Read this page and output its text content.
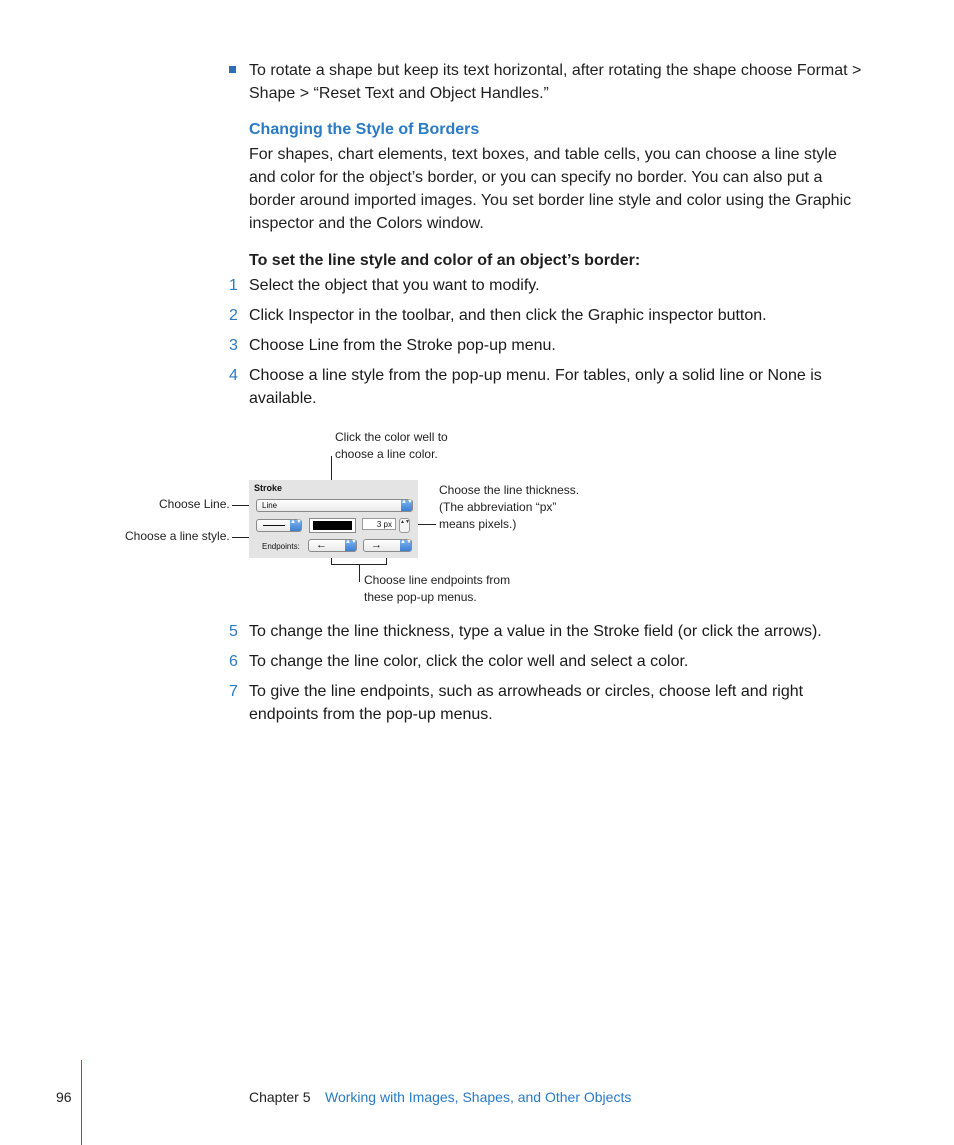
To rotate a shape but keep its text horizontal, after rotating the shape choose Format > Shape > “Reset Text and Object Handles.”
Changing the Style of Borders
For shapes, chart elements, text boxes, and table cells, you can choose a line style and color for the object’s border, or you can specify no border. You can also put a border around imported images. You set border line style and color using the Graphic inspector and the Colors window.
To set the line style and color of an object’s border:
1 Select the object that you want to modify.
2 Click Inspector in the toolbar, and then click the Graphic inspector button.
3 Choose Line from the Stroke pop-up menu.
4 Choose a line style from the pop-up menu. For tables, only a solid line or None is available.
Click the color well to choose a line color.
Choose Line.
Choose a line style.
Choose the line thickness. (The abbreviation “px” means pixels.)
Choose line endpoints from these pop-up menus.
Stroke
Line	▲▼
▲▼	3 px	▲▼
Endpoints: ←	▲▼ →	▲▼
5 To change the line thickness, type a value in the Stroke field (or click the arrows).
6 To change the line color, click the color well and select a color.
7 To give the line endpoints, such as arrowheads or circles, choose left and right endpoints from the pop-up menus.
96	Chapter 5 Working with Images, Shapes, and Other Objects
